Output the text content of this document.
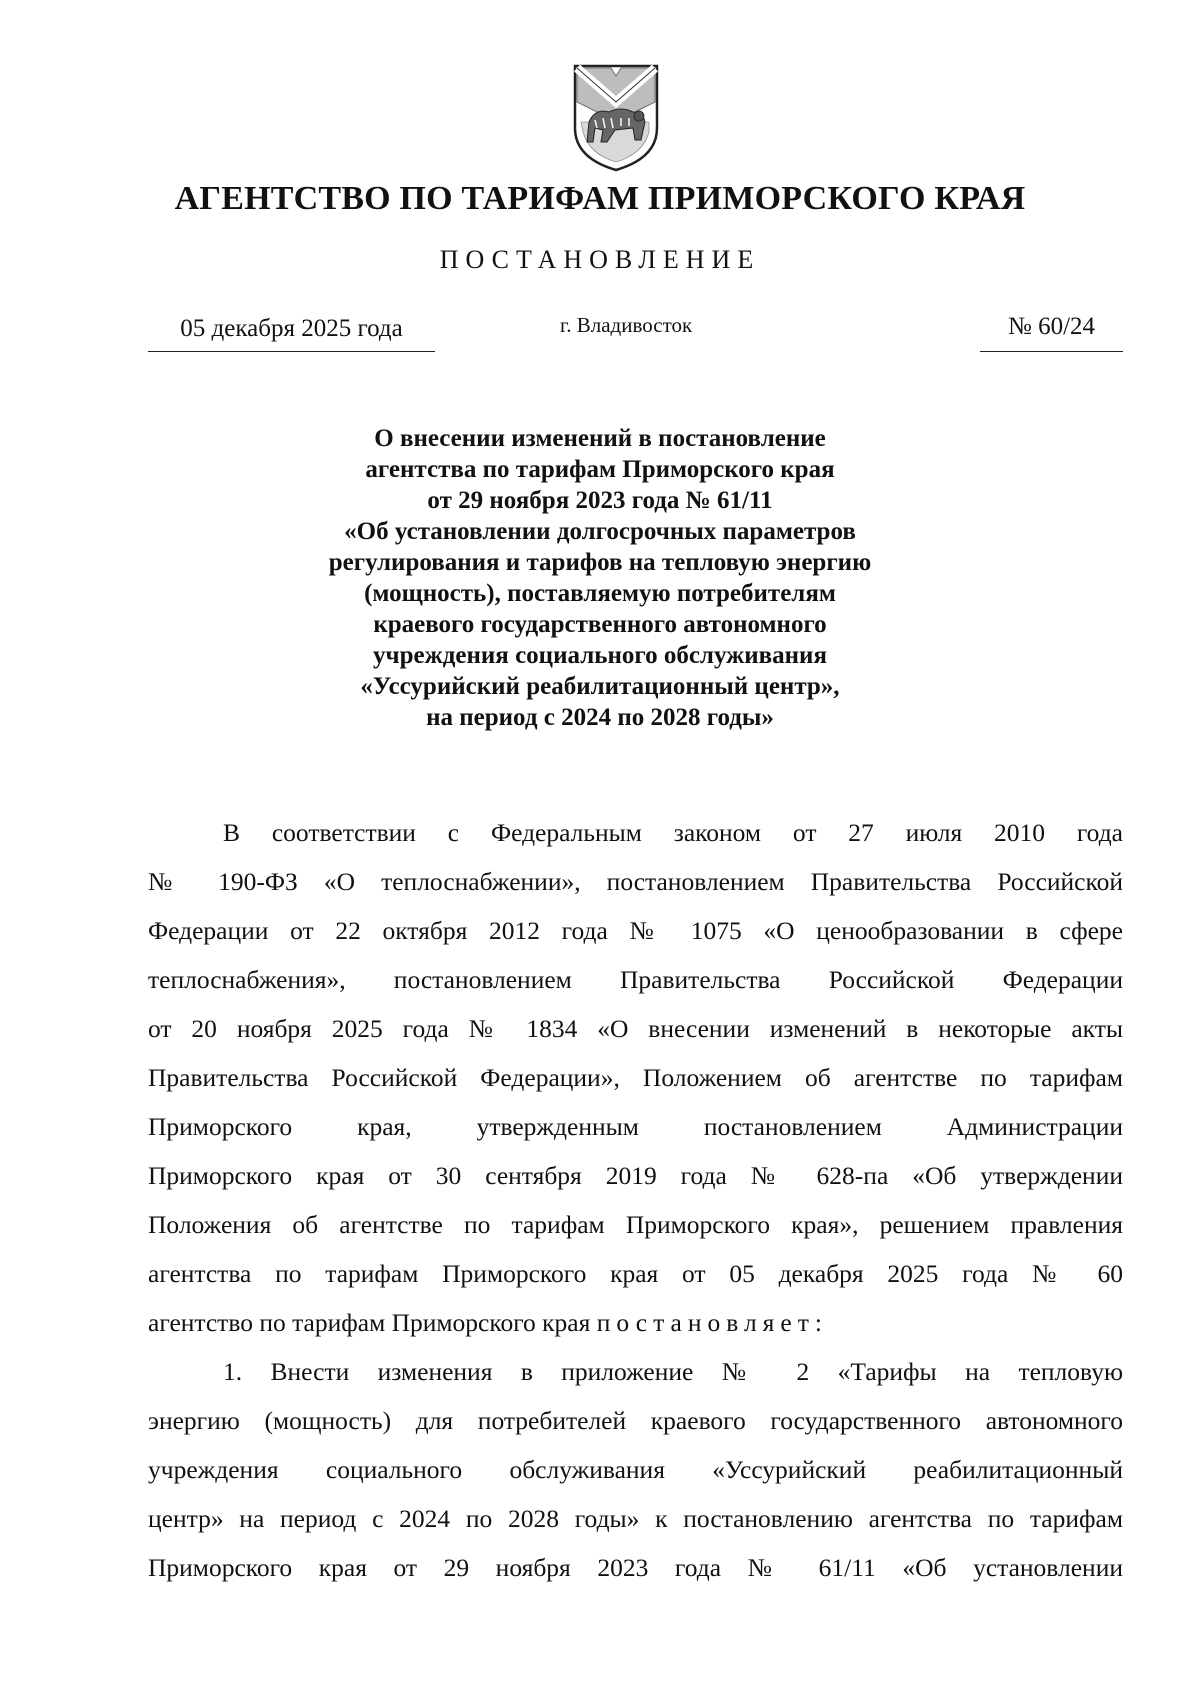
АГЕНТСТВО ПО ТАРИФАМ ПРИМОРСКОГО КРАЯ
ПОСТАНОВЛЕНИЕ
05 декабря 2025 года	г. Владивосток	№ 60/24
О внесении изменений в постановление
агентства по тарифам Приморского края
от 29 ноября 2023 года № 61/11
«Об установлении долгосрочных параметров
регулирования и тарифов на тепловую энергию
(мощность), поставляемую потребителям
краевого государственного автономного
учреждения социального обслуживания
«Уссурийский реабилитационный центр»,
на период с 2024 по 2028 годы»
В соответствии с Федеральным законом от 27 июля 2010 года
№ 190-ФЗ «О теплоснабжении», постановлением Правительства Российской
Федерации от 22 октября 2012 года № 1075 «О ценообразовании в сфере
теплоснабжения», постановлением Правительства Российской Федерации
от 20 ноября 2025 года № 1834 «О внесении изменений в некоторые акты
Правительства Российской Федерации», Положением об агентстве по тарифам
Приморского края, утвержденным постановлением Администрации
Приморского края от 30 сентября 2019 года № 628-па «Об утверждении
Положения об агентстве по тарифам Приморского края», решением правления
агентства по тарифам Приморского края от 05 декабря 2025 года № 60
агентство по тарифам Приморского края постановляет:
1. Внести изменения в приложение № 2 «Тарифы на тепловую
энергию (мощность) для потребителей краевого государственного автономного
учреждения социального обслуживания «Уссурийский реабилитационный
центр» на период с 2024 по 2028 годы» к постановлению агентства по тарифам
Приморского края от 29 ноября 2023 года № 61/11 «Об установлении
